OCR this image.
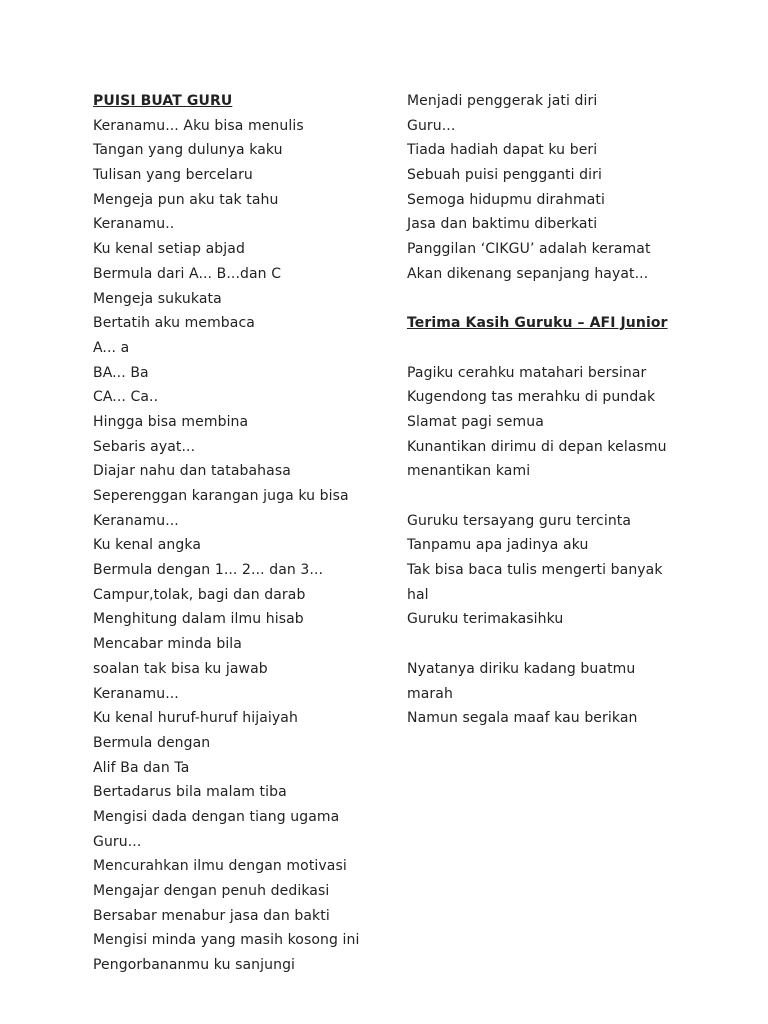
PUISI BUAT GURU
Keranamu... Aku bisa menulis
Tangan yang dulunya kaku
Tulisan yang bercelaru
Mengeja pun aku tak tahu
Keranamu..
Ku kenal setiap abjad
Bermula dari A... B...dan C
Mengeja sukukata
Bertatih aku membaca
A... a
BA... Ba
CA... Ca..
Hingga bisa membina
Sebaris ayat...
Diajar nahu dan tatabahasa
Seperenggan karangan juga ku bisa
Keranamu...
Ku kenal angka
Bermula dengan 1... 2... dan 3...
Campur,tolak, bagi dan darab
Menghitung dalam ilmu hisab
Mencabar minda bila
soalan tak bisa ku jawab
Keranamu...
Ku kenal huruf-huruf hijaiyah
Bermula dengan
Alif Ba dan Ta
Bertadarus bila malam tiba
Mengisi dada dengan tiang ugama
Guru...
Mencurahkan ilmu dengan motivasi
Mengajar dengan penuh dedikasi
Bersabar menabur jasa dan bakti
Mengisi minda yang masih kosong ini
Pengorbananmu ku sanjungi
Menjadi penggerak jati diri
Guru...
Tiada hadiah dapat ku beri
Sebuah puisi pengganti diri
Semoga hidupmu dirahmati
Jasa dan baktimu diberkati
Panggilan ‘CIKGU’ adalah keramat
Akan dikenang sepanjang hayat...
Terima Kasih Guruku – AFI Junior
Pagiku cerahku matahari bersinar
Kugendong tas merahku di pundak
Slamat pagi semua
Kunantikan dirimu di depan kelasmu
menantikan kami
Guruku tersayang guru tercinta
Tanpamu apa jadinya aku
Tak bisa baca tulis mengerti banyak
hal
Guruku terimakasihku
Nyatanya diriku kadang buatmu
marah
Namun segala maaf kau berikan
